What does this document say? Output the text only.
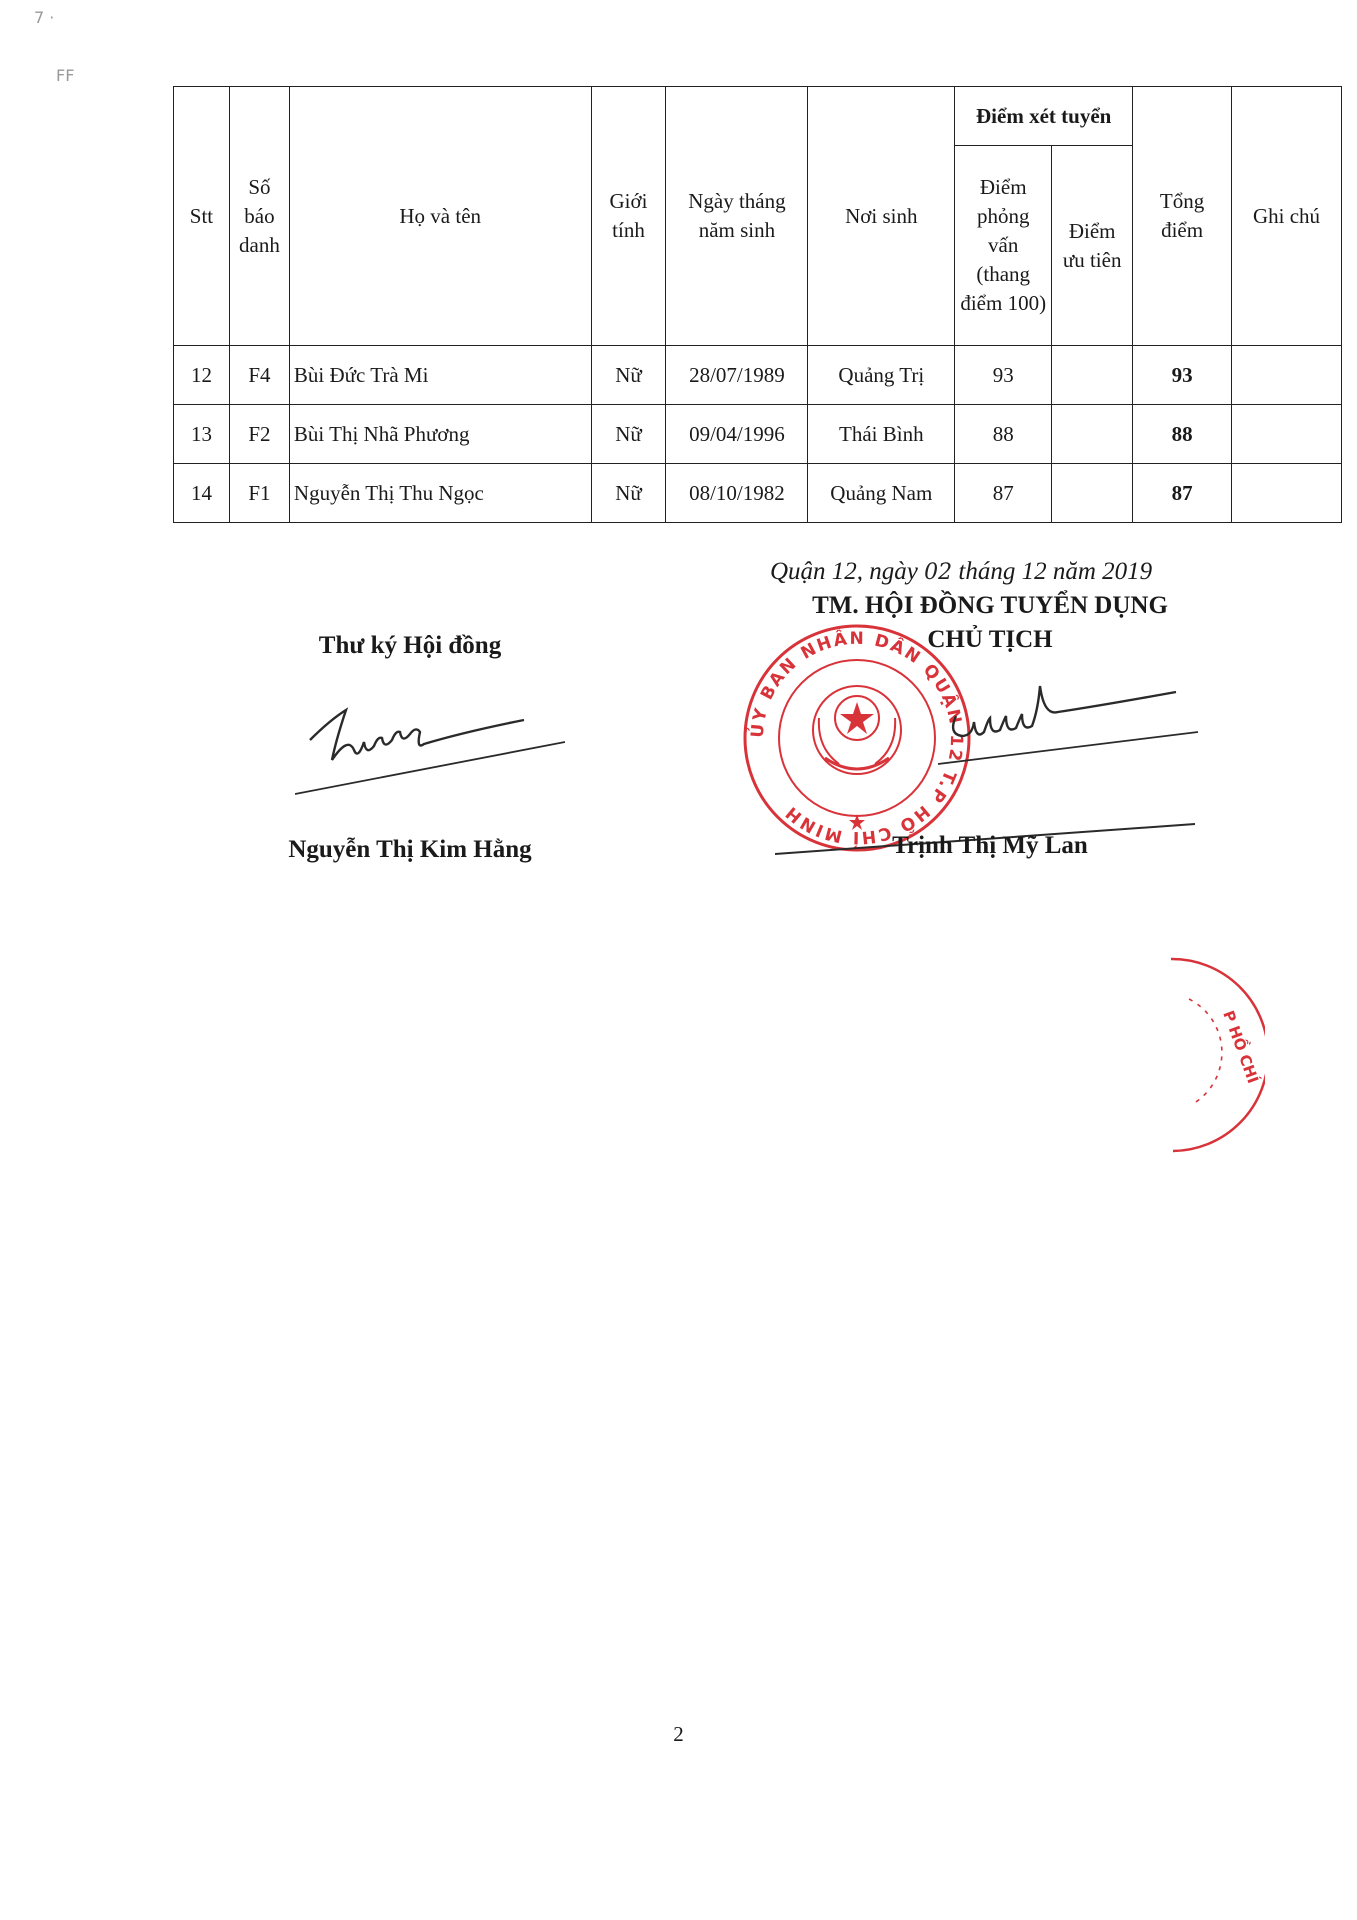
7 ·
FF
Stt	Số báo danh	Họ và tên	Giới tính	Ngày tháng năm sinh	Nơi sinh	Điểm xét tuyển		Tổng điểm	Ghi chú
						Điểm phỏng vấn (thang điểm 100)	Điểm ưu tiên		
12	F4	Bùi Đức Trà Mi	Nữ	28/07/1989	Quảng Trị	93		93	
13	F2	Bùi Thị Nhã Phương	Nữ	09/04/1996	Thái Bình	88		88	
14	F1	Nguyễn Thị Thu Ngọc	Nữ	08/10/1982	Quảng Nam	87		87	
Quận 12, ngày 02 tháng 12 năm 2019
TM. HỘI ĐỒNG TUYỂN DỤNG
CHỦ TỊCH
ỦY BAN NHÂN DÂN QUẬN 12 T.P HỒ CHÍ MINH
Trịnh Thị Mỹ Lan
Thư ký Hội đồng
Nguyễn Thị Kim Hằng
P HỒ CHÍ
2
